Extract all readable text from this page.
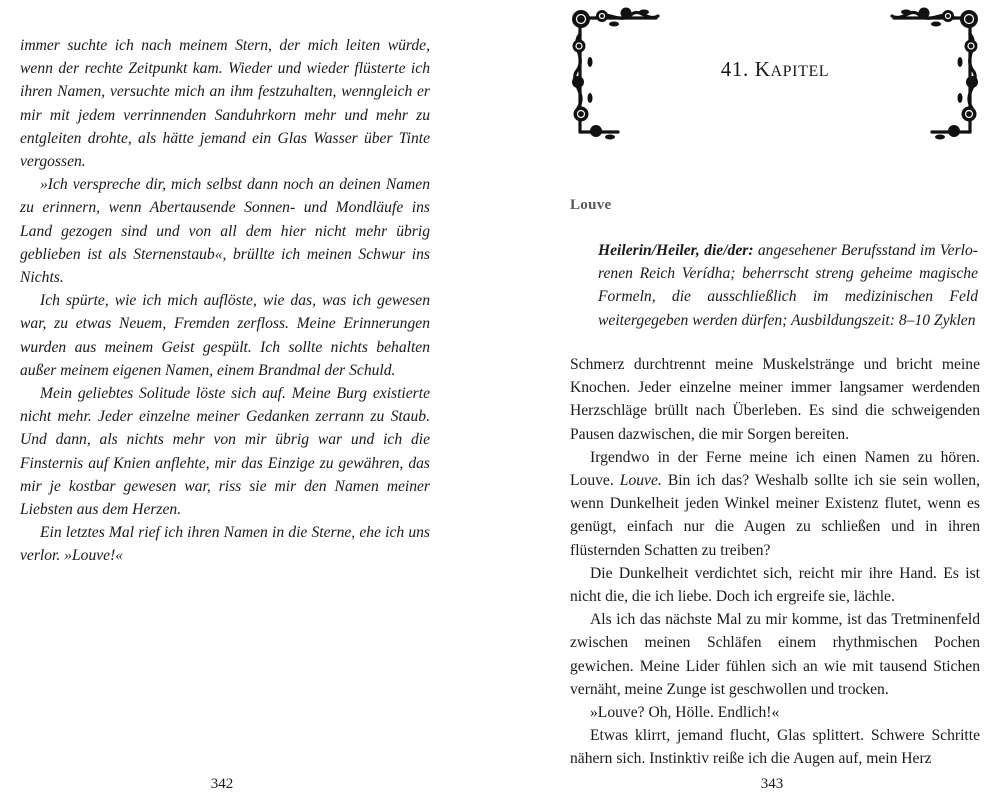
immer suchte ich nach meinem Stern, der mich leiten würde, wenn der rechte Zeitpunkt kam. Wieder und wieder flüsterte ich ihren Namen, versuchte mich an ihm festzuhalten, wenngleich er mir mit jedem verrinnenden Sanduhrkorn mehr und mehr zu entgleiten drohte, als hätte jemand ein Glas Wasser über Tinte vergossen.

»Ich verspreche dir, mich selbst dann noch an deinen Namen zu erinnern, wenn Abertausende Sonnen- und Mondläufe ins Land gezogen sind und von all dem hier nicht mehr übrig geblieben ist als Sternenstaub«, brüllte ich meinen Schwur ins Nichts.

Ich spürte, wie ich mich auflöste, wie das, was ich gewesen war, zu etwas Neuem, Fremden zerfloss. Meine Erinnerungen wurden aus meinem Geist gespült. Ich sollte nichts behalten außer meinem eigenen Namen, einem Brandmal der Schuld.

Mein geliebtes Solitude löste sich auf. Meine Burg existierte nicht mehr. Jeder einzelne meiner Gedanken zerrann zu Staub. Und dann, als nichts mehr von mir übrig war und ich die Finsternis auf Knien anflehte, mir das Einzige zu gewähren, das mir je kostbar gewesen war, riss sie mir den Namen meiner Liebsten aus dem Herzen.

Ein letztes Mal rief ich ihren Namen in die Sterne, ehe ich uns verlor. »Louve!«

342
41. KAPITEL
Louve
Heilerin/Heiler, die/der: angesehener Berufsstand im Verlorenen Reich Verídha; beherrscht streng geheime magische Formeln, die ausschließlich im medizinischen Feld weitergegeben werden dürfen; Ausbildungszeit: 8–10 Zyklen

Schmerz durchtrennt meine Muskelstränge und bricht meine Knochen. Jeder einzelne meiner immer langsamer werdenden Herzschläge brüllt nach Überleben. Es sind die schweigenden Pausen dazwischen, die mir Sorgen bereiten.

Irgendwo in der Ferne meine ich einen Namen zu hören. Louve. Louve. Bin ich das? Weshalb sollte ich sie sein wollen, wenn Dunkelheit jeden Winkel meiner Existenz flutet, wenn es genügt, einfach nur die Augen zu schließen und in ihren flüsternden Schatten zu treiben?

Die Dunkelheit verdichtet sich, reicht mir ihre Hand. Es ist nicht die, die ich liebe. Doch ich ergreife sie, lächle.

Als ich das nächste Mal zu mir komme, ist das Tretminenfeld zwischen meinen Schläfen einem rhythmischen Pochen gewichen. Meine Lider fühlen sich an wie mit tausend Stichen vernäht, meine Zunge ist geschwollen und trocken.

»Louve? Oh, Hölle. Endlich!«

Etwas klirrt, jemand flucht, Glas splittert. Schwere Schritte nähern sich. Instinktiv reiße ich die Augen auf, mein Herz

343
